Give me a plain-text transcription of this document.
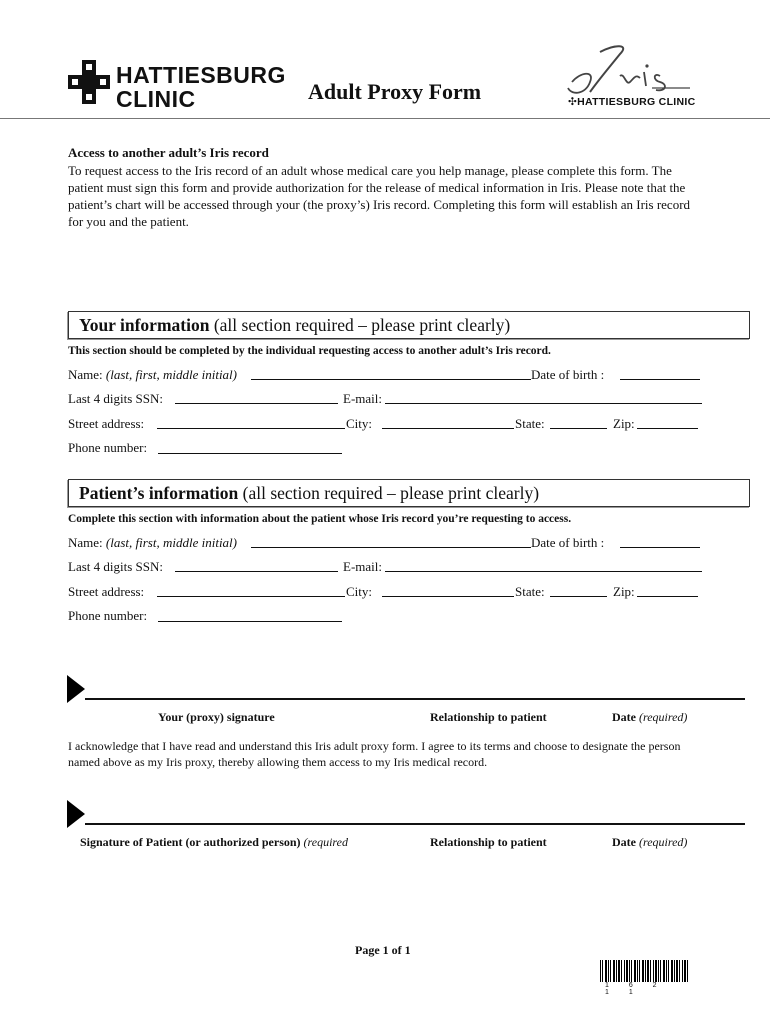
HATTIESBURG
CLINIC	Adult Proxy Form	✣HATTIESBURG CLINIC
Access to another adult’s Iris record
To request access to the Iris record of an adult whose medical care you help manage, please complete this form. The patient must sign this form and provide authorization for the release of medical information in Iris. Please note that the patient’s chart will be accessed through your (the proxy’s) Iris record. Completing this form will establish an Iris record for you and the patient.
Your information (all section required – please print clearly)
This section should be completed by the individual requesting access to another adult’s Iris record.
Name: (last, first, middle initial)	Date of birth :
Last 4 digits SSN:	E-mail:
Street address:	City:	State:	Zip:
Phone number:
Patient’s information (all section required – please print clearly)
Complete this section with information about the patient whose Iris record you’re requesting to access.
Name: (last, first, middle initial)	Date of birth :
Last 4 digits SSN:	E-mail:
Street address:	City:	State:	Zip:
Phone number:
Your (proxy) signature	Relationship to patient	Date (required)
I acknowledge that I have read and understand this Iris adult proxy form. I agree to its terms and choose to designate the person named above as my Iris proxy, thereby allowing them access to my Iris medical record.
Signature of Patient (or authorized person) (required	Relationship to patient	Date (required)
Page 1 of 1
1 6 2 1 1
